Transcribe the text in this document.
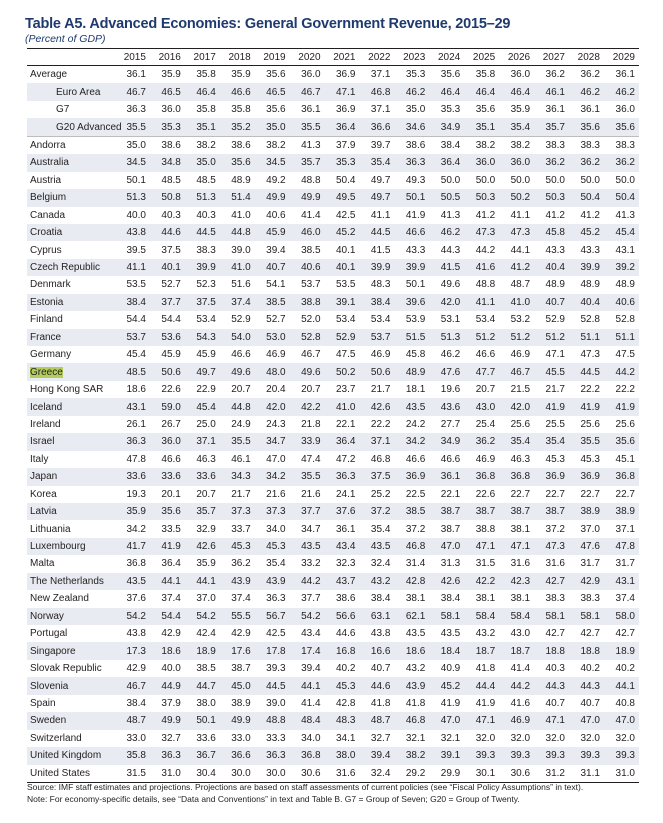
Table A5. Advanced Economies: General Government Revenue, 2015–29
(Percent of GDP)
	2015	2016	2017	2018	2019	2020	2021	2022	2023	2024	2025	2026	2027	2028	2029
Average	36.1	35.9	35.8	35.9	35.6	36.0	36.9	37.1	35.3	35.6	35.8	36.0	36.2	36.2	36.1
Euro Area	46.7	46.5	46.4	46.6	46.5	46.7	47.1	46.8	46.2	46.4	46.4	46.4	46.1	46.2	46.2
G7	36.3	36.0	35.8	35.8	35.6	36.1	36.9	37.1	35.0	35.3	35.6	35.9	36.1	36.1	36.0
G20 Advanced	35.5	35.3	35.1	35.2	35.0	35.5	36.4	36.6	34.6	34.9	35.1	35.4	35.7	35.6	35.6
Andorra	35.0	38.6	38.2	38.6	38.2	41.3	37.9	39.7	38.6	38.4	38.2	38.2	38.3	38.3	38.3
Australia	34.5	34.8	35.0	35.6	34.5	35.7	35.3	35.4	36.3	36.4	36.0	36.0	36.2	36.2	36.2
Austria	50.1	48.5	48.5	48.9	49.2	48.8	50.4	49.7	49.3	50.0	50.0	50.0	50.0	50.0	50.0
Belgium	51.3	50.8	51.3	51.4	49.9	49.9	49.5	49.7	50.1	50.5	50.3	50.2	50.3	50.4	50.4
Canada	40.0	40.3	40.3	41.0	40.6	41.4	42.5	41.1	41.9	41.3	41.2	41.1	41.2	41.2	41.3
Croatia	43.8	44.6	44.5	44.8	45.9	46.0	45.2	44.5	46.6	46.2	47.3	47.3	45.8	45.2	45.4
Cyprus	39.5	37.5	38.3	39.0	39.4	38.5	40.1	41.5	43.3	44.3	44.2	44.1	43.3	43.3	43.1
Czech Republic	41.1	40.1	39.9	41.0	40.7	40.6	40.1	39.9	39.9	41.5	41.6	41.2	40.4	39.9	39.2
Denmark	53.5	52.7	52.3	51.6	54.1	53.7	53.5	48.3	50.1	49.6	48.8	48.7	48.9	48.9	48.9
Estonia	38.4	37.7	37.5	37.4	38.5	38.8	39.1	38.4	39.6	42.0	41.1	41.0	40.7	40.4	40.6
Finland	54.4	54.4	53.4	52.9	52.7	52.0	53.4	53.4	53.9	53.1	53.4	53.2	52.9	52.8	52.8
France	53.7	53.6	54.3	54.0	53.0	52.8	52.9	53.7	51.5	51.3	51.2	51.2	51.2	51.1	51.1
Germany	45.4	45.9	45.9	46.6	46.9	46.7	47.5	46.9	45.8	46.2	46.6	46.9	47.1	47.3	47.5
Greece	48.5	50.6	49.7	49.6	48.0	49.6	50.2	50.6	48.9	47.6	47.7	46.7	45.5	44.5	44.2
Hong Kong SAR	18.6	22.6	22.9	20.7	20.4	20.7	23.7	21.7	18.1	19.6	20.7	21.5	21.7	22.2	22.2
Iceland	43.1	59.0	45.4	44.8	42.0	42.2	41.0	42.6	43.5	43.6	43.0	42.0	41.9	41.9	41.9
Ireland	26.1	26.7	25.0	24.9	24.3	21.8	22.1	22.2	24.2	27.7	25.4	25.6	25.5	25.6	25.6
Israel	36.3	36.0	37.1	35.5	34.7	33.9	36.4	37.1	34.2	34.9	36.2	35.4	35.4	35.5	35.6
Italy	47.8	46.6	46.3	46.1	47.0	47.4	47.2	46.8	46.6	46.6	46.9	46.3	45.3	45.3	45.1
Japan	33.6	33.6	33.6	34.3	34.2	35.5	36.3	37.5	36.9	36.1	36.8	36.8	36.9	36.9	36.8
Korea	19.3	20.1	20.7	21.7	21.6	21.6	24.1	25.2	22.5	22.1	22.6	22.7	22.7	22.7	22.7
Latvia	35.9	35.6	35.7	37.3	37.3	37.7	37.6	37.2	38.5	38.7	38.7	38.7	38.7	38.9	38.9
Lithuania	34.2	33.5	32.9	33.7	34.0	34.7	36.1	35.4	37.2	38.7	38.8	38.1	37.2	37.0	37.1
Luxembourg	41.7	41.9	42.6	45.3	45.3	43.5	43.4	43.5	46.8	47.0	47.1	47.1	47.3	47.6	47.8
Malta	36.8	36.4	35.9	36.2	35.4	33.2	32.3	32.4	31.4	31.3	31.5	31.6	31.6	31.7	31.7
The Netherlands	43.5	44.1	44.1	43.9	43.9	44.2	43.7	43.2	42.8	42.6	42.2	42.3	42.7	42.9	43.1
New Zealand	37.6	37.4	37.0	37.4	36.3	37.7	38.6	38.4	38.1	38.4	38.1	38.1	38.3	38.3	37.4
Norway	54.2	54.4	54.2	55.5	56.7	54.2	56.6	63.1	62.1	58.1	58.4	58.4	58.1	58.1	58.0
Portugal	43.8	42.9	42.4	42.9	42.5	43.4	44.6	43.8	43.5	43.5	43.2	43.0	42.7	42.7	42.7
Singapore	17.3	18.6	18.9	17.6	17.8	17.4	16.8	16.6	18.6	18.4	18.7	18.7	18.8	18.8	18.9
Slovak Republic	42.9	40.0	38.5	38.7	39.3	39.4	40.2	40.7	43.2	40.9	41.8	41.4	40.3	40.2	40.2
Slovenia	46.7	44.9	44.7	45.0	44.5	44.1	45.3	44.6	43.9	45.2	44.4	44.2	44.3	44.3	44.1
Spain	38.4	37.9	38.0	38.9	39.0	41.4	42.8	41.8	41.8	41.9	41.9	41.6	40.7	40.7	40.8
Sweden	48.7	49.9	50.1	49.9	48.8	48.4	48.3	48.7	46.8	47.0	47.1	46.9	47.1	47.0	47.0
Switzerland	33.0	32.7	33.6	33.0	33.3	34.0	34.1	32.7	32.1	32.1	32.0	32.0	32.0	32.0	32.0
United Kingdom	35.8	36.3	36.7	36.6	36.3	36.8	38.0	39.4	38.2	39.1	39.3	39.3	39.3	39.3	39.3
United States	31.5	31.0	30.4	30.0	30.0	30.6	31.6	32.4	29.2	29.9	30.1	30.6	31.2	31.1	31.0
Source: IMF staff estimates and projections. Projections are based on staff assessments of current policies (see “Fiscal Policy Assumptions” in text).
Note: For economy-specific details, see “Data and Conventions” in text and Table B. G7 = Group of Seven; G20 = Group of Twenty.
